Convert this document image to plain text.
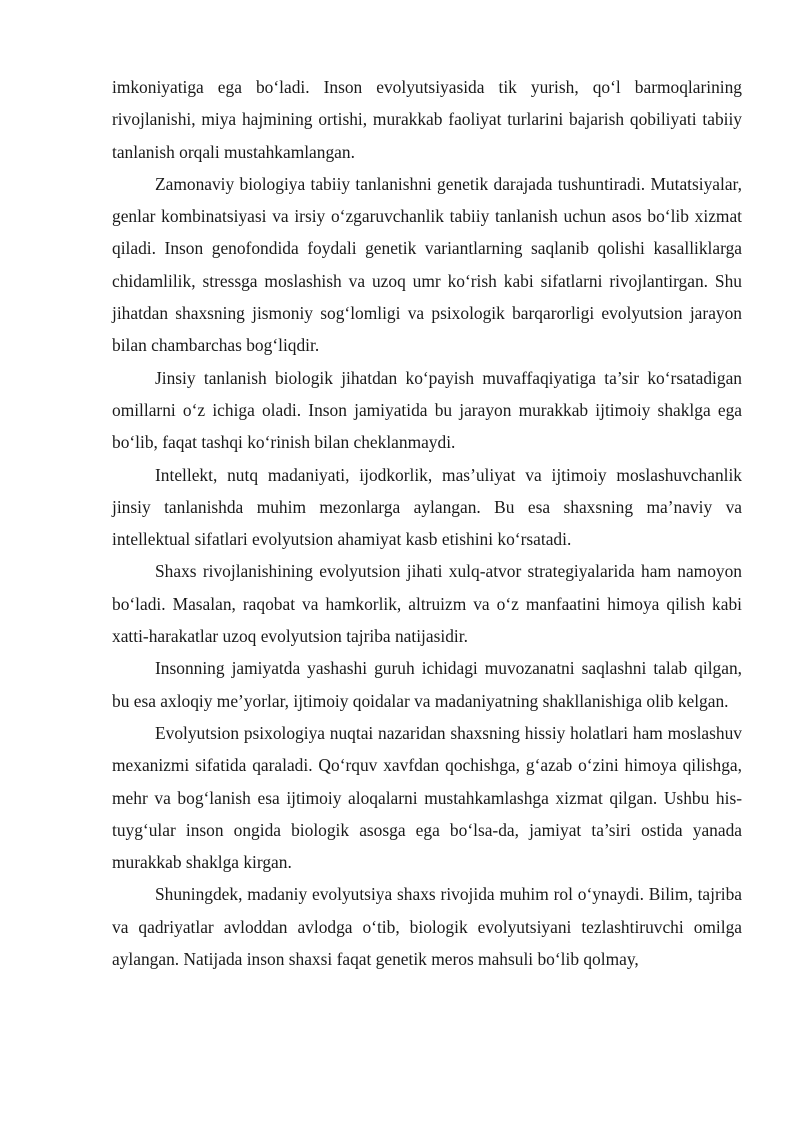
imkoniyatiga ega bo‘ladi. Inson evolyutsiyasida tik yurish, qo‘l barmoqlarining rivojlanishi, miya hajmining ortishi, murakkab faoliyat turlarini bajarish qobiliyati tabiiy tanlanish orqali mustahkamlangan.

Zamonaviy biologiya tabiiy tanlanishni genetik darajada tushuntiradi. Mutatsiyalar, genlar kombinatsiyasi va irsiy o‘zgaruvchanlik tabiiy tanlanish uchun asos bo‘lib xizmat qiladi. Inson genofondida foydali genetik variantlarning saqlanib qolishi kasalliklarga chidamlilik, stressga moslashish va uzoq umr ko‘rish kabi sifatlarni rivojlantirgan. Shu jihatdan shaxsning jismoniy sog‘lomligi va psixologik barqarorligi evolyutsion jarayon bilan chambarchas bog‘liqdir.

Jinsiy tanlanish biologik jihatdan ko‘payish muvaffaqiyatiga ta’sir ko‘rsatadigan omillarni o‘z ichiga oladi. Inson jamiyatida bu jarayon murakkab ijtimoiy shaklga ega bo‘lib, faqat tashqi ko‘rinish bilan cheklanmaydi.

Intellekt, nutq madaniyati, ijodkorlik, mas’uliyat va ijtimoiy moslashuvchanlik jinsiy tanlanishda muhim mezonlarga aylangan. Bu esa shaxsning ma’naviy va intellektual sifatlari evolyutsion ahamiyat kasb etishini ko‘rsatadi.

Shaxs rivojlanishining evolyutsion jihati xulq-atvor strategiyalarida ham namoyon bo‘ladi. Masalan, raqobat va hamkorlik, altruizm va o‘z manfaatini himoya qilish kabi xatti-harakatlar uzoq evolyutsion tajriba natijasidir.

Insonning jamiyatda yashashi guruh ichidagi muvozanatni saqlashni talab qilgan, bu esa axloqiy me’yorlar, ijtimoiy qoidalar va madaniyatning shakllanishiga olib kelgan.

Evolyutsion psixologiya nuqtai nazaridan shaxsning hissiy holatlari ham moslashuv mexanizmi sifatida qaraladi. Qo‘rquv xavfdan qochishga, g‘azab o‘zini himoya qilishga, mehr va bog‘lanish esa ijtimoiy aloqalarni mustahkamlashga xizmat qilgan. Ushbu his-tuyg‘ular inson ongida biologik asosga ega bo‘lsa-da, jamiyat ta’siri ostida yanada murakkab shaklga kirgan.

Shuningdek, madaniy evolyutsiya shaxs rivojida muhim rol o‘ynaydi. Bilim, tajriba va qadriyatlar avloddan avlodga o‘tib, biologik evolyutsiyani tezlashtiruvchi omilga aylangan. Natijada inson shaxsi faqat genetik meros mahsuli bo‘lib qolmay,
